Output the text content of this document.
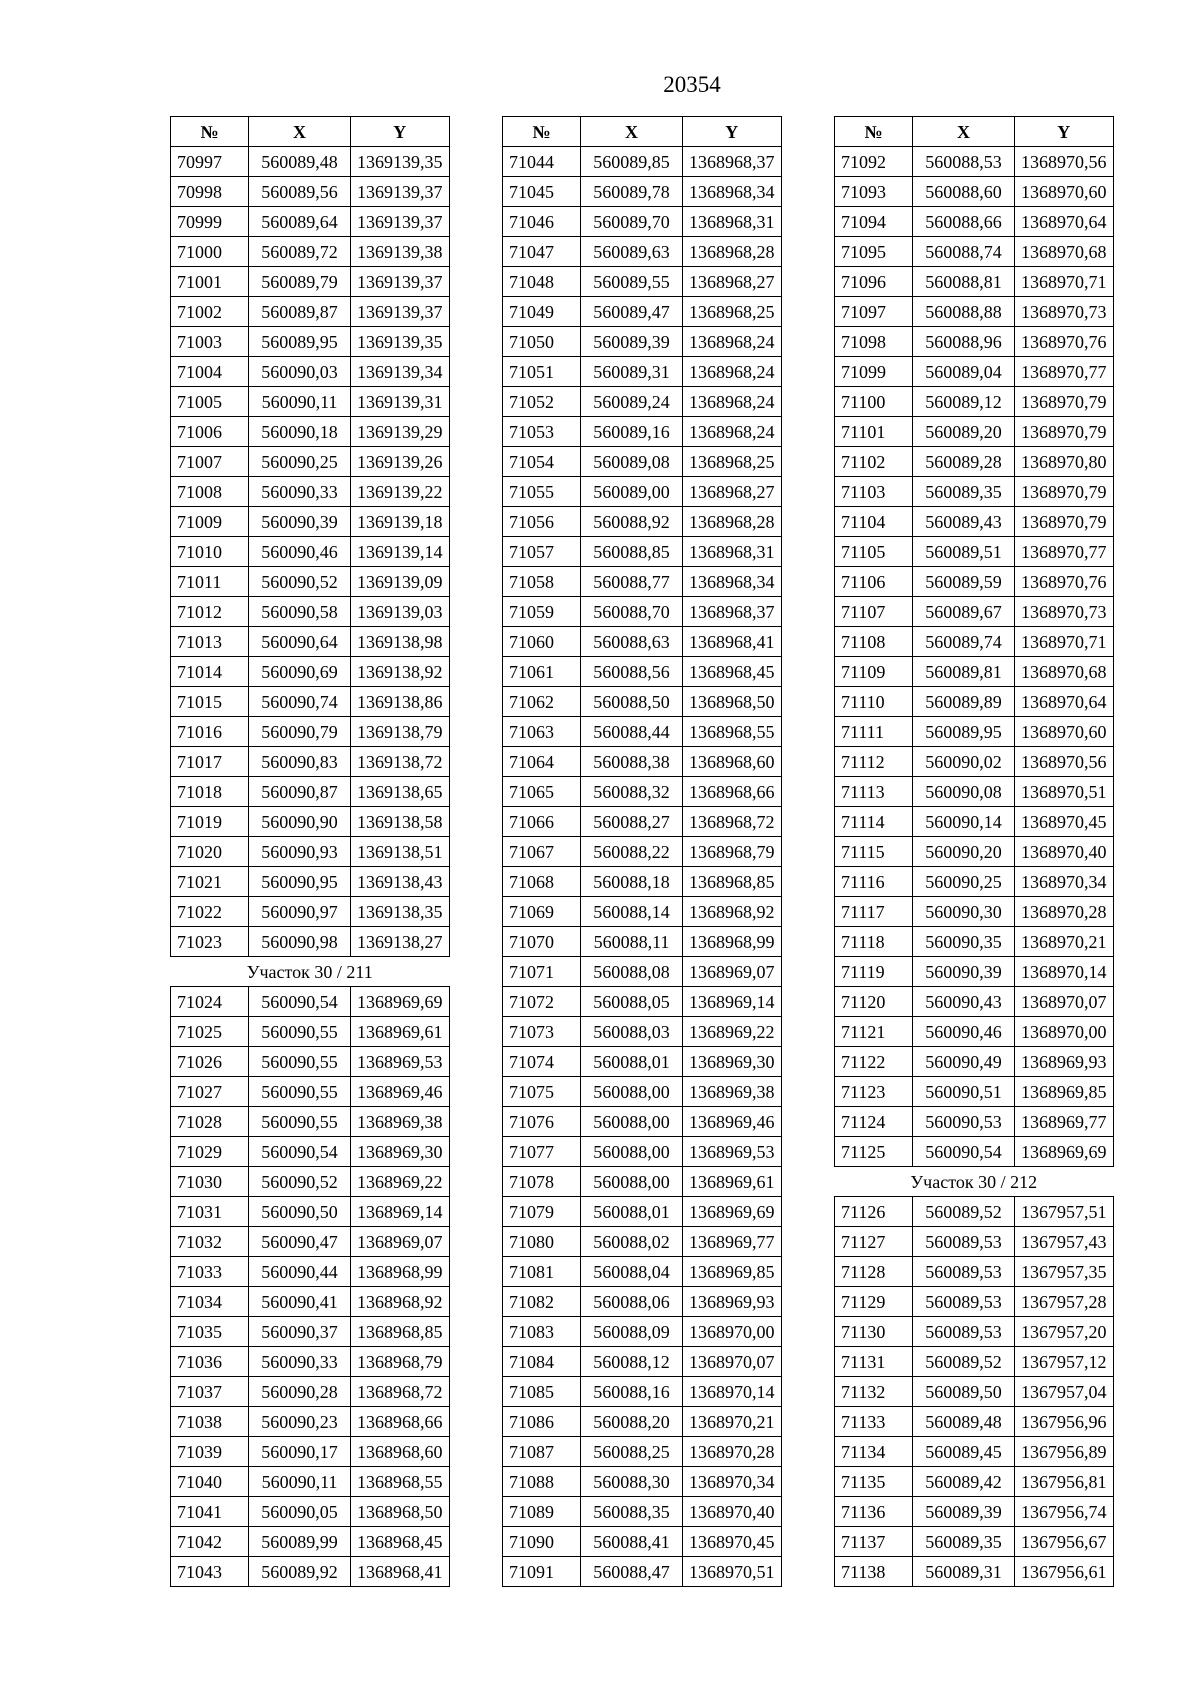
20354
№	X	Y
70997	560089,48	1369139,35
70998	560089,56	1369139,37
70999	560089,64	1369139,37
71000	560089,72	1369139,38
71001	560089,79	1369139,37
71002	560089,87	1369139,37
71003	560089,95	1369139,35
71004	560090,03	1369139,34
71005	560090,11	1369139,31
71006	560090,18	1369139,29
71007	560090,25	1369139,26
71008	560090,33	1369139,22
71009	560090,39	1369139,18
71010	560090,46	1369139,14
71011	560090,52	1369139,09
71012	560090,58	1369139,03
71013	560090,64	1369138,98
71014	560090,69	1369138,92
71015	560090,74	1369138,86
71016	560090,79	1369138,79
71017	560090,83	1369138,72
71018	560090,87	1369138,65
71019	560090,90	1369138,58
71020	560090,93	1369138,51
71021	560090,95	1369138,43
71022	560090,97	1369138,35
71023	560090,98	1369138,27
Участок 30 / 211		
71024	560090,54	1368969,69
71025	560090,55	1368969,61
71026	560090,55	1368969,53
71027	560090,55	1368969,46
71028	560090,55	1368969,38
71029	560090,54	1368969,30
71030	560090,52	1368969,22
71031	560090,50	1368969,14
71032	560090,47	1368969,07
71033	560090,44	1368968,99
71034	560090,41	1368968,92
71035	560090,37	1368968,85
71036	560090,33	1368968,79
71037	560090,28	1368968,72
71038	560090,23	1368968,66
71039	560090,17	1368968,60
71040	560090,11	1368968,55
71041	560090,05	1368968,50
71042	560089,99	1368968,45
71043	560089,92	1368968,41
№	X	Y
71044	560089,85	1368968,37
71045	560089,78	1368968,34
71046	560089,70	1368968,31
71047	560089,63	1368968,28
71048	560089,55	1368968,27
71049	560089,47	1368968,25
71050	560089,39	1368968,24
71051	560089,31	1368968,24
71052	560089,24	1368968,24
71053	560089,16	1368968,24
71054	560089,08	1368968,25
71055	560089,00	1368968,27
71056	560088,92	1368968,28
71057	560088,85	1368968,31
71058	560088,77	1368968,34
71059	560088,70	1368968,37
71060	560088,63	1368968,41
71061	560088,56	1368968,45
71062	560088,50	1368968,50
71063	560088,44	1368968,55
71064	560088,38	1368968,60
71065	560088,32	1368968,66
71066	560088,27	1368968,72
71067	560088,22	1368968,79
71068	560088,18	1368968,85
71069	560088,14	1368968,92
71070	560088,11	1368968,99
71071	560088,08	1368969,07
71072	560088,05	1368969,14
71073	560088,03	1368969,22
71074	560088,01	1368969,30
71075	560088,00	1368969,38
71076	560088,00	1368969,46
71077	560088,00	1368969,53
71078	560088,00	1368969,61
71079	560088,01	1368969,69
71080	560088,02	1368969,77
71081	560088,04	1368969,85
71082	560088,06	1368969,93
71083	560088,09	1368970,00
71084	560088,12	1368970,07
71085	560088,16	1368970,14
71086	560088,20	1368970,21
71087	560088,25	1368970,28
71088	560088,30	1368970,34
71089	560088,35	1368970,40
71090	560088,41	1368970,45
71091	560088,47	1368970,51
№	X	Y
71092	560088,53	1368970,56
71093	560088,60	1368970,60
71094	560088,66	1368970,64
71095	560088,74	1368970,68
71096	560088,81	1368970,71
71097	560088,88	1368970,73
71098	560088,96	1368970,76
71099	560089,04	1368970,77
71100	560089,12	1368970,79
71101	560089,20	1368970,79
71102	560089,28	1368970,80
71103	560089,35	1368970,79
71104	560089,43	1368970,79
71105	560089,51	1368970,77
71106	560089,59	1368970,76
71107	560089,67	1368970,73
71108	560089,74	1368970,71
71109	560089,81	1368970,68
71110	560089,89	1368970,64
71111	560089,95	1368970,60
71112	560090,02	1368970,56
71113	560090,08	1368970,51
71114	560090,14	1368970,45
71115	560090,20	1368970,40
71116	560090,25	1368970,34
71117	560090,30	1368970,28
71118	560090,35	1368970,21
71119	560090,39	1368970,14
71120	560090,43	1368970,07
71121	560090,46	1368970,00
71122	560090,49	1368969,93
71123	560090,51	1368969,85
71124	560090,53	1368969,77
71125	560090,54	1368969,69
Участок 30 / 212		
71126	560089,52	1367957,51
71127	560089,53	1367957,43
71128	560089,53	1367957,35
71129	560089,53	1367957,28
71130	560089,53	1367957,20
71131	560089,52	1367957,12
71132	560089,50	1367957,04
71133	560089,48	1367956,96
71134	560089,45	1367956,89
71135	560089,42	1367956,81
71136	560089,39	1367956,74
71137	560089,35	1367956,67
71138	560089,31	1367956,61
